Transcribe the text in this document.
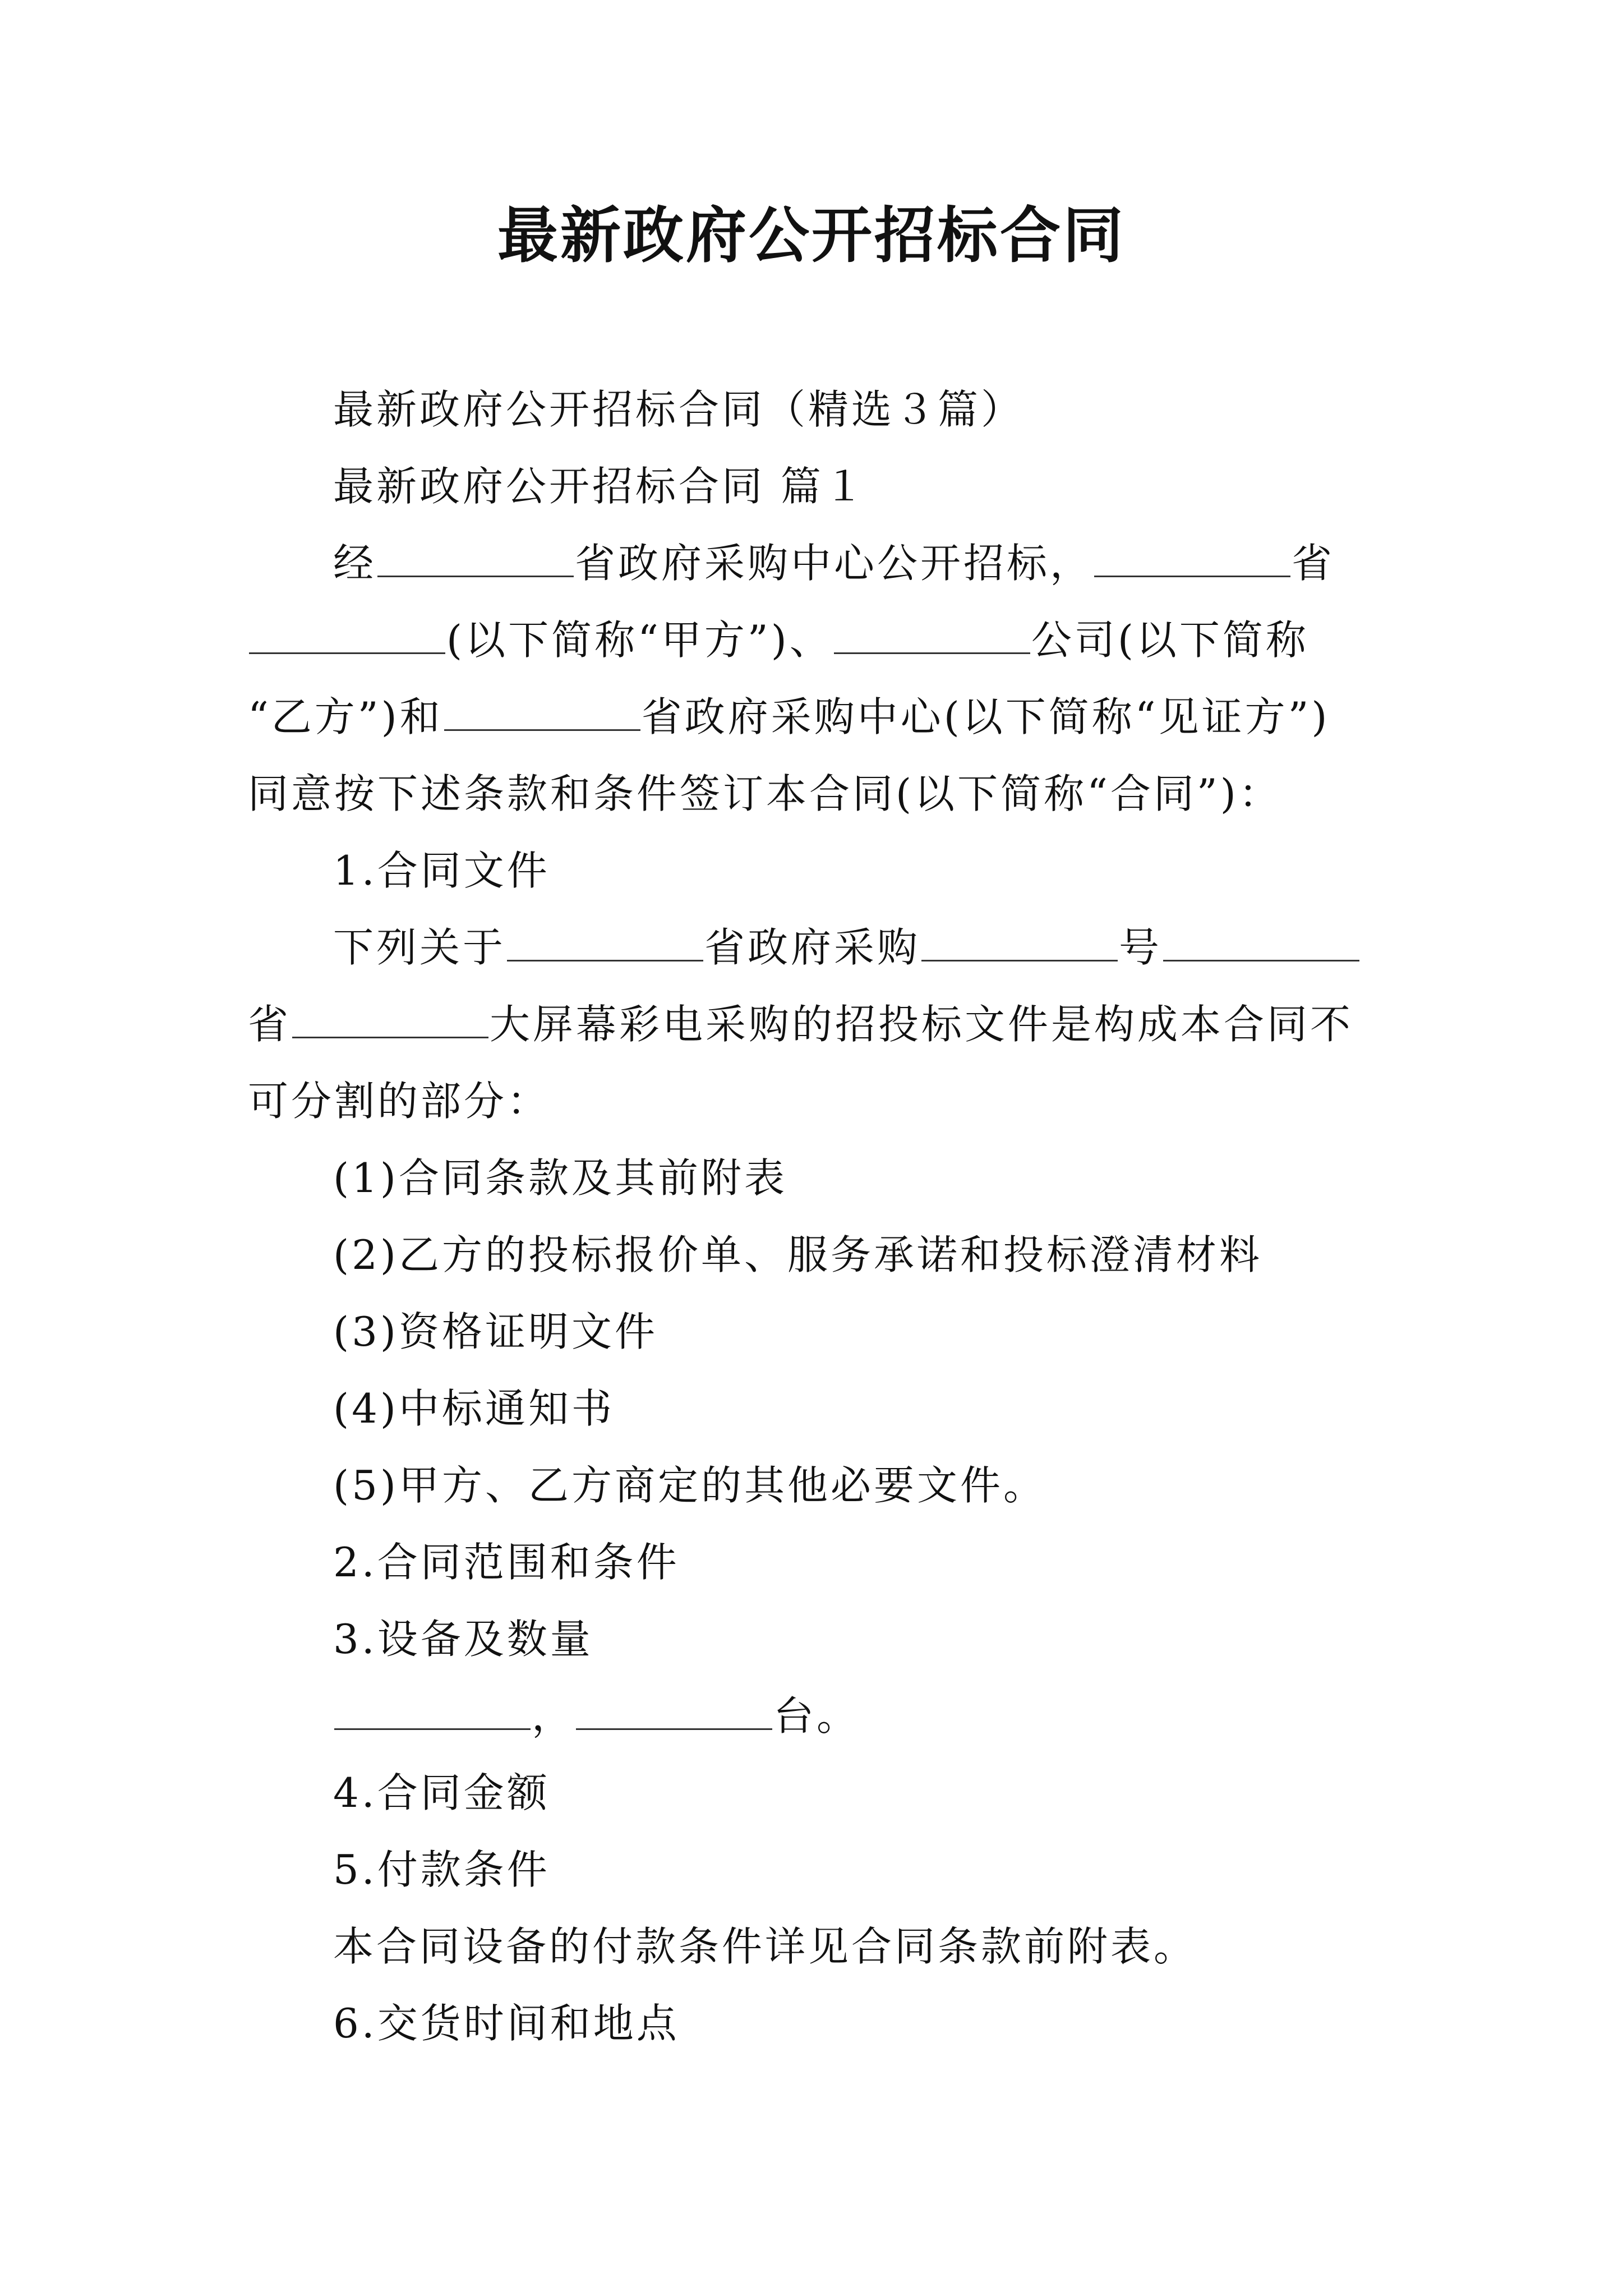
最新政府公开招标合同
最新政府公开招标合同（精选３篇）
最新政府公开招标合同 篇１
经	省政府采购中心公开招标，	省
(以下简称“甲方”)、	公司(以下简称
“乙方”)和	省政府采购中心(以下简称“见证方”)
同意按下述条款和条件签订本合同(以下简称“合同”)：
1.合同文件
下列关于	省政府采购	号
省	大屏幕彩电采购的招投标文件是构成本合同不
可分割的部分：
(1)合同条款及其前附表
(2)乙方的投标报价单、服务承诺和投标澄清材料
(3)资格证明文件
(4)中标通知书
(5)甲方、乙方商定的其他必要文件。
2.合同范围和条件
3.设备及数量
，	台。
4.合同金额
5.付款条件
本合同设备的付款条件详见合同条款前附表。
6.交货时间和地点
